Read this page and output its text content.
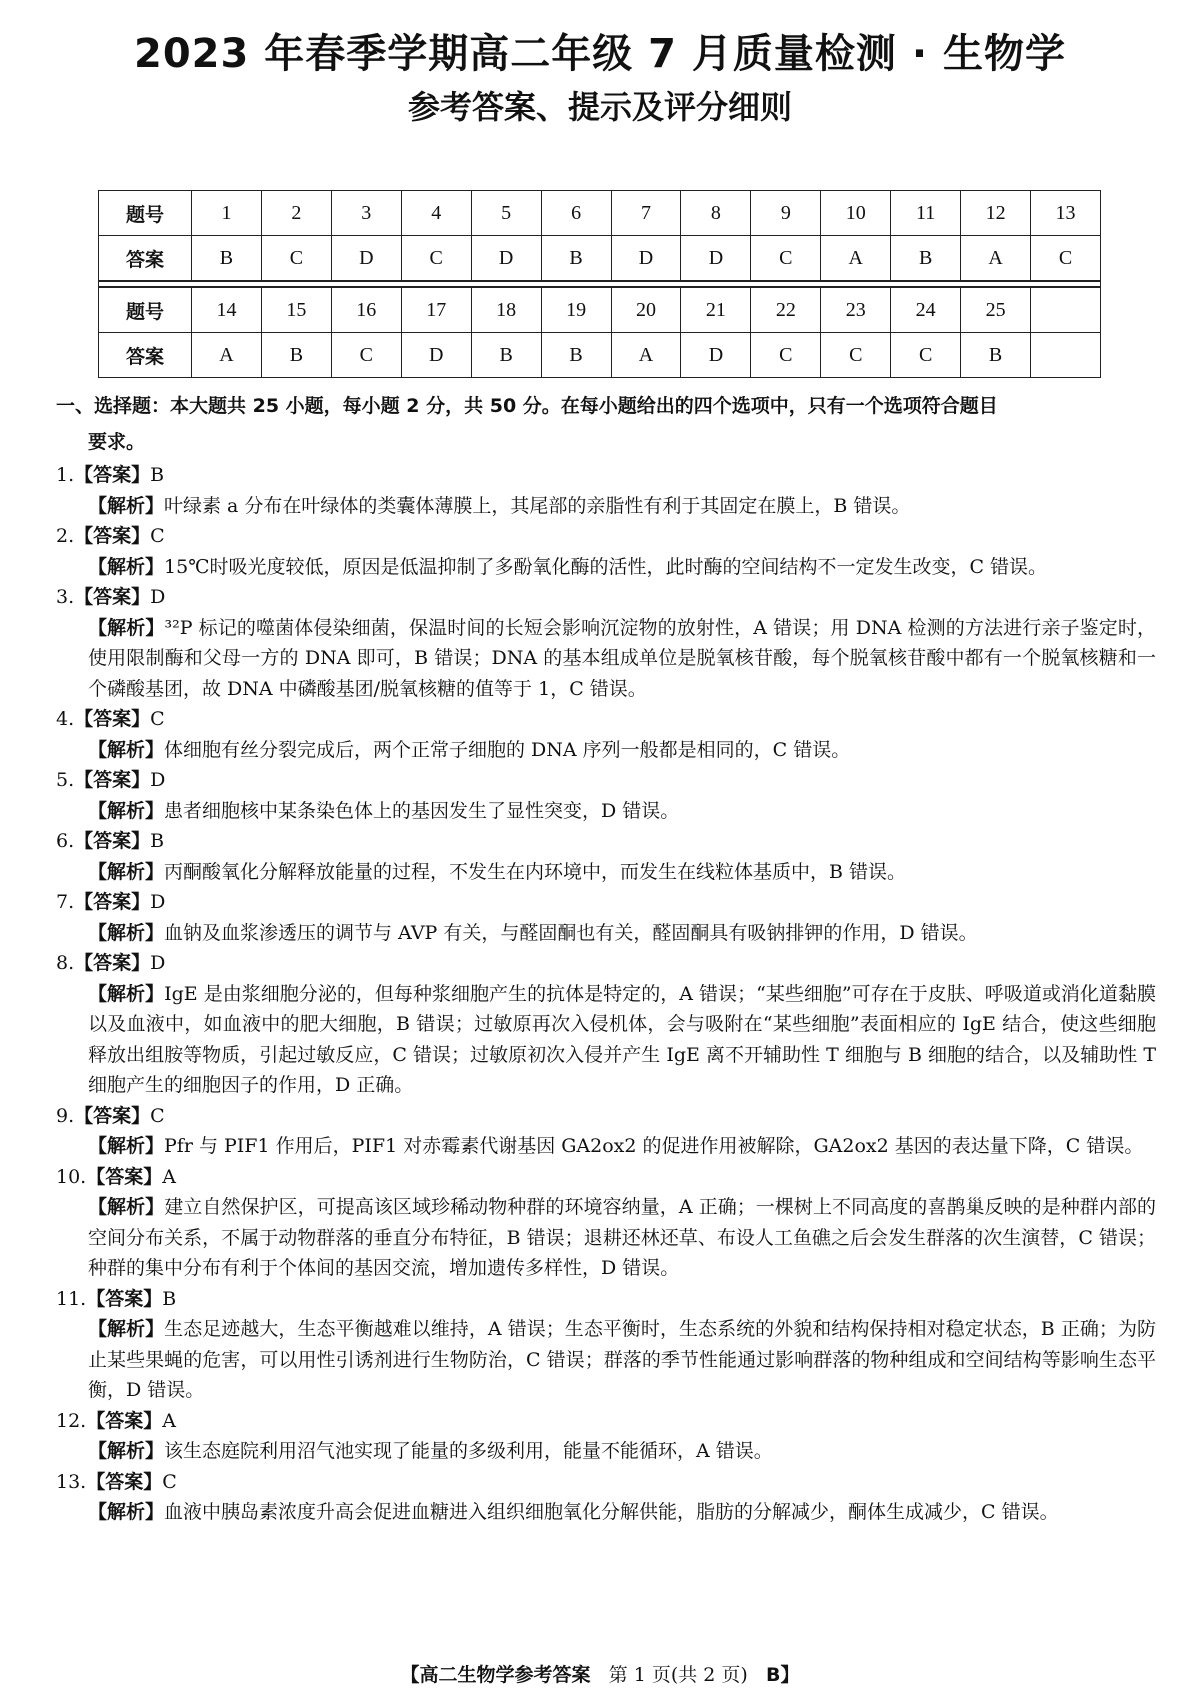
2023 年春季学期高二年级 7 月质量检测 · 生物学
参考答案、提示及评分细则
题号	1	2	3	4	5	6	7	8	9	10	11	12	13
答案	B	C	D	C	D	B	D	D	C	A	B	A	C

题号	14	15	16	17	18	19	20	21	22	23	24	25	
答案	A	B	C	D	B	B	A	D	C	C	C	B	
一、选择题：本大题共 25 小题，每小题 2 分，共 50 分。在每小题给出的四个选项中，只有一个选项符合题目
要求。
1.【答案】B
【解析】叶绿素 a 分布在叶绿体的类囊体薄膜上，其尾部的亲脂性有利于其固定在膜上，B 错误。
2.【答案】C
【解析】15℃时吸光度较低，原因是低温抑制了多酚氧化酶的活性，此时酶的空间结构不一定发生改变，C 错误。
3.【答案】D
【解析】³²P 标记的噬菌体侵染细菌，保温时间的长短会影响沉淀物的放射性，A 错误；用 DNA 检测的方法进行亲子鉴定时，使用限制酶和父母一方的 DNA 即可，B 错误；DNA 的基本组成单位是脱氧核苷酸，每个脱氧核苷酸中都有一个脱氧核糖和一个磷酸基团，故 DNA 中磷酸基团/脱氧核糖的值等于 1，C 错误。
4.【答案】C
【解析】体细胞有丝分裂完成后，两个正常子细胞的 DNA 序列一般都是相同的，C 错误。
5.【答案】D
【解析】患者细胞核中某条染色体上的基因发生了显性突变，D 错误。
6.【答案】B
【解析】丙酮酸氧化分解释放能量的过程，不发生在内环境中，而发生在线粒体基质中，B 错误。
7.【答案】D
【解析】血钠及血浆渗透压的调节与 AVP 有关，与醛固酮也有关，醛固酮具有吸钠排钾的作用，D 错误。
8.【答案】D
【解析】IgE 是由浆细胞分泌的，但每种浆细胞产生的抗体是特定的，A 错误；“某些细胞”可存在于皮肤、呼吸道或消化道黏膜以及血液中，如血液中的肥大细胞，B 错误；过敏原再次入侵机体，会与吸附在“某些细胞”表面相应的 IgE 结合，使这些细胞释放出组胺等物质，引起过敏反应，C 错误；过敏原初次入侵并产生 IgE 离不开辅助性 T 细胞与 B 细胞的结合，以及辅助性 T 细胞产生的细胞因子的作用，D 正确。
9.【答案】C
【解析】Pfr 与 PIF1 作用后，PIF1 对赤霉素代谢基因 GA2ox2 的促进作用被解除，GA2ox2 基因的表达量下降，C 错误。
10.【答案】A
【解析】建立自然保护区，可提高该区域珍稀动物种群的环境容纳量，A 正确；一棵树上不同高度的喜鹊巢反映的是种群内部的空间分布关系，不属于动物群落的垂直分布特征，B 错误；退耕还林还草、布设人工鱼礁之后会发生群落的次生演替，C 错误；种群的集中分布有利于个体间的基因交流，增加遗传多样性，D 错误。
11.【答案】B
【解析】生态足迹越大，生态平衡越难以维持，A 错误；生态平衡时，生态系统的外貌和结构保持相对稳定状态，B 正确；为防止某些果蝇的危害，可以用性引诱剂进行生物防治，C 错误；群落的季节性能通过影响群落的物种组成和空间结构等影响生态平衡，D 错误。
12.【答案】A
【解析】该生态庭院利用沼气池实现了能量的多级利用，能量不能循环，A 错误。
13.【答案】C
【解析】血液中胰岛素浓度升高会促进血糖进入组织细胞氧化分解供能，脂肪的分解减少，酮体生成减少，C 错误。
【高二生物学参考答案 第 1 页(共 2 页) B】
